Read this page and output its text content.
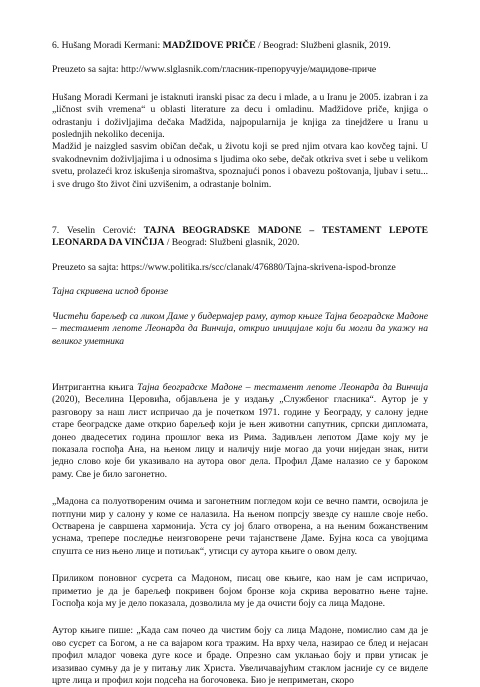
6. Hušang Moradi Kermani: MADŽIDOVE PRIČE / Beograd: Službeni glasnik, 2019.

Preuzeto sa sajta: http://www.slglasnik.com/гласник-препоручује/маџидове-приче

Hušang Moradi Kermani je istaknuti iranski pisac za decu i mlade, a u Iranu je 2005. izabran i za „ličnost svih vremena“ u oblasti literature za decu i omladinu. Madžidove priče, knjiga o odrastanju i doživljajima dečaka Madžida, najpopularnija je knjiga za tinejdžere u Iranu u poslednjih nekoliko decenija.

Madžid je naizgled sasvim običan dečak, u životu koji se pred njim otvara kao kovčeg tajni. U svakodnevnim doživljajima i u odnosima s ljudima oko sebe, dečak otkriva svet i sebe u velikom svetu, prolazeći kroz iskušenja siromaštva, spoznajući ponos i obavezu poštovanja, ljubav i setu... i sve drugo što život čini uzvišenim, a odrastanje bolnim.

7. Veselin Cerović: TAJNA BEOGRADSKE MADONE – TESTAMENT LEPOTE LEONARDA DA VINČIJA / Beograd: Službeni glasnik, 2020.

Preuzeto sa sajta: https://www.politika.rs/scc/clanak/476880/Tajna-skrivena-ispod-bronze

Тајна скривена испод бронзе

Чистећи барељеф са ликом Даме у бидермајер раму, аутор књиге Тајна београдске Мадоне – тестамент лепоте Леонарда да Винчија, открио иницијале који би могли да укажу на великог уметника

Интригантна књига Тајна београдске Мадоне – тестамент лепоте Леонарда да Винчија (2020), Веселина Церовића, објављена је у издању „Службеног гласника“. Аутор је у разговору за наш лист испричао да је почетком 1971. године у Београду, у салону једне старе београдске даме открио барељеф који је њен животни сапутник, српски дипломата, донео двадесетих година прошлог века из Рима. Задивљен лепотом Даме коју му је показала госпођа Ана, на њеном лицу и наличју није могао да уочи ниједан знак, нити једно слово које би указивало на аутора овог дела. Профил Даме налазио се у бароком раму. Све је било загонетно.

„Мадона са полуотвореним очима и загонетним погледом који се вечно памти, освојила је потпуни мир у салону у коме се налазила. На њеном попрсју звезде су нашле своје небо. Остварена је савршена хармонија. Уста су јој благо отворена, а на њеним божанственим уснама, трепере последње неизговорене речи тајанствене Даме. Бујна коса са увојцима спушта се низ њено лице и потиљак“, утисци су аутора књиге о овом делу.

Приликом поновног сусрета са Мадоном, писац ове књиге, као нам је сам испричао, приметио је да је барељеф покривен бојом бронзе која скрива вероватно њене тајне. Госпођа која му је дело показала, дозволила му је да очисти боју са лица Мадоне.

Аутор књиге пише: „Када сам почео да чистим боју са лица Мадоне, помислио сам да је ово сусрет са Богом, а не са вајаром кога тражим. На врху чела, назирао се блед и нејасан профил младог човека дуге косе и браде. Опрезно сам уклањао боју и први утисак је изазивао сумњу да је у питању лик Христа. Увеличавајућим стаклом јасније су се виделе црте лица и профил који подсећа на богочовека. Био је неприметан, скоро
